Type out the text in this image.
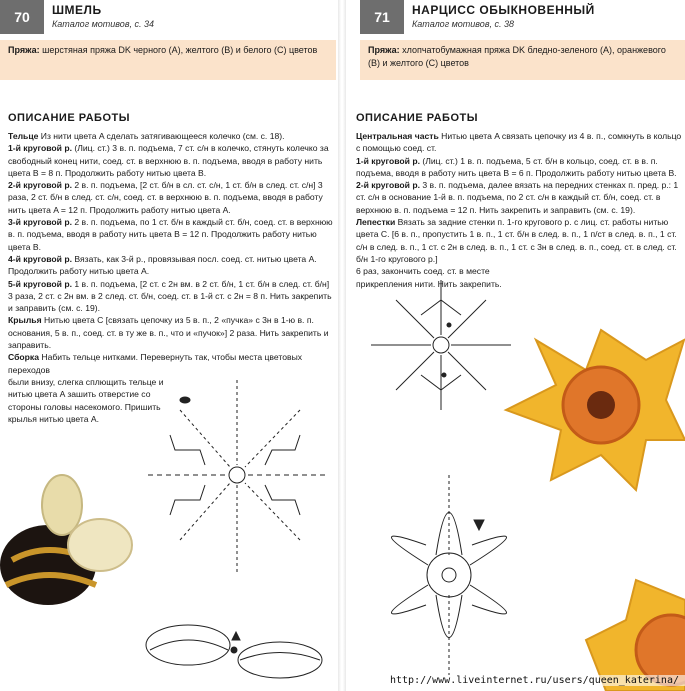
70	ШМЕЛЬ
Каталог мотивов, с. 34
Пряжа: шерстяная пряжа DK черного (A), желтого (B) и белого (C) цветов
ОПИСАНИЕ РАБОТЫ

Тельце Из нити цвета A сделать затягивающееся колечко (см. с. 18).

1-й круговой р. (Лиц. ст.) 3 в. п. подъема, 7 ст. с/н в колечко, стянуть колечко за свободный конец нити, соед. ст. в верхнюю в. п. подъема, вводя в работу нить цвета B = 8 п. Продолжить работу нитью цвета B.

2-й круговой р. 2 в. п. подъема, [2 ст. б/н в сл. ст. с/н, 1 ст. б/н в след. ст. с/н] 3 раза, 2 ст. б/н в след. ст. с/н, соед. ст. в верхнюю в. п. подъема, вводя в работу нить цвета A = 12 п. Продолжить работу нитью цвета A.

3-й круговой р. 2 в. п. подъема, по 1 ст. б/н в каждый ст. б/н, соед. ст. в верхнюю в. п. подъема, вводя в работу нить цвета B = 12 п. Продолжить работу нитью цвета B.

4-й круговой р. Вязать, как 3-й р., провязывая посл. соед. ст. нитью цвета A. Продолжить работу нитью цвета A.

5-й круговой р. 1 в. п. подъема, [2 ст. с 2н вм. в 2 ст. б/н, 1 ст. б/н в след. ст. б/н] 3 раза, 2 ст. с 2н вм. в 2 след. ст. б/н, соед. ст. в 1-й ст. с 2н = 8 п. Нить закрепить и заправить (см. с. 19).

Крылья Нитью цвета C [связать цепочку из 5 в. п., 2 «пучка» с 3н в 1-ю в. п. основания, 5 в. п., соед. ст. в ту же в. п., что и «пучок»] 2 раза. Нить закрепить и заправить.

Сборка Набить тельце нитками. Перевернуть так, чтобы места цветовых переходов

были внизу, слегка сплющить тельце и нитью цвета A зашить отверстие со стороны головы насекомого. Пришить крылья нитью цвета A.

71	НАРЦИСС ОБЫКНОВЕННЫЙ
Каталог мотивов, с. 38
Пряжа: хлопчатобумажная пряжа DK бледно-зеленого (A), оранжевого (B) и желтого (C) цветов
ОПИСАНИЕ РАБОТЫ

Центральная часть Нитью цвета A связать цепочку из 4 в. п., сомкнуть в кольцо с помощью соед. ст.

1-й круговой р. (Лиц. ст.) 1 в. п. подъема, 5 ст. б/н в кольцо, соед. ст. в в. п. подъема, вводя в работу нить цвета B = 6 п. Продолжить работу нитью цвета B.

2-й круговой р. 3 в. п. подъема, далее вязать на передних стенках п. пред. р.: 1 ст. с/н в основание 1-й в. п. подъема, по 2 ст. с/н в каждый ст. б/н, соед. ст. в верхнюю в. п. подъема = 12 п. Нить закрепить и заправить (см. с. 19).

Лепестки Вязать за задние стенки п. 1-го кругового р. с лиц. ст. работы нитью цвета C. [6 в. п., пропустить 1 в. п., 1 ст. б/н в след. в. п., 1 п/ст в след. в. п., 1 ст. с/н в след. в. п., 1 ст. с 2н в след. в. п., 1 ст. с 3н в след. в. п., соед. ст. в след. ст. б/н 1-го кругового р.]

6 раз, закончить соед. ст. в месте прикрепления нити. Нить закрепить.

http://www.liveinternet.ru/users/queen_katerina/
